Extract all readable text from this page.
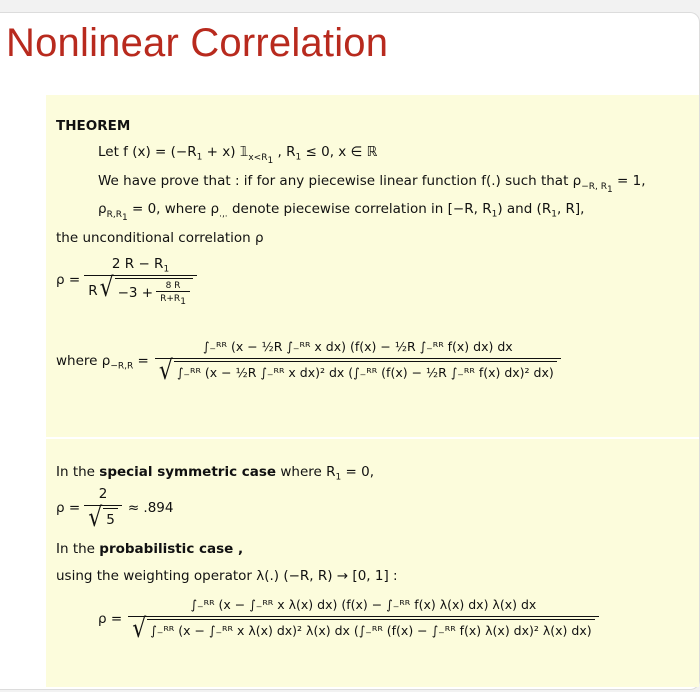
Nonlinear Correlation
THEOREM
Let f $(x) = (-R_1 + x)$ $𝟙_{x<R_1}$ , $R_1 \le 0$, x ∈ ℝ
We have prove that : if for any piecewise linear function f(.) such that $\rho_{-R, R_1} = 1$,
$\rho_{R,R_1} = 0$, where $\rho_{.,.}$ denote piecewise correlation in [−R, $R_1$) and ($R_1$, R],
the unconditional correlation ρ
$\rho = \frac{2 R - R_1}{R √ -3 + \frac{8 R}{R+R_1}}$
where $\rho_{-R,R}$ =
∫₋ᴿᴿ (x − ½R ∫₋ᴿᴿ x dx) (f(x) − ½R ∫₋ᴿᴿ f(x) dx) dx
√ ∫₋ᴿᴿ (x − ½R ∫₋ᴿᴿ x dx)² dx (∫₋ᴿᴿ (f(x) − ½R ∫₋ᴿᴿ f(x) dx)² dx)
In the special symmetric case where $R_1 = 0$,
$\rho = \frac{2}{√ 5} \approx .894$
In the probabilistic case ,
using the weighting operator λ(.) (−R, R) → [0, 1] :
ρ =
∫₋ᴿᴿ (x − ∫₋ᴿᴿ x λ(x) dx) (f(x) − ∫₋ᴿᴿ f(x) λ(x) dx) λ(x) dx
√ ∫₋ᴿᴿ (x − ∫₋ᴿᴿ x λ(x) dx)² λ(x) dx (∫₋ᴿᴿ (f(x) − ∫₋ᴿᴿ f(x) λ(x) dx)² λ(x) dx)
